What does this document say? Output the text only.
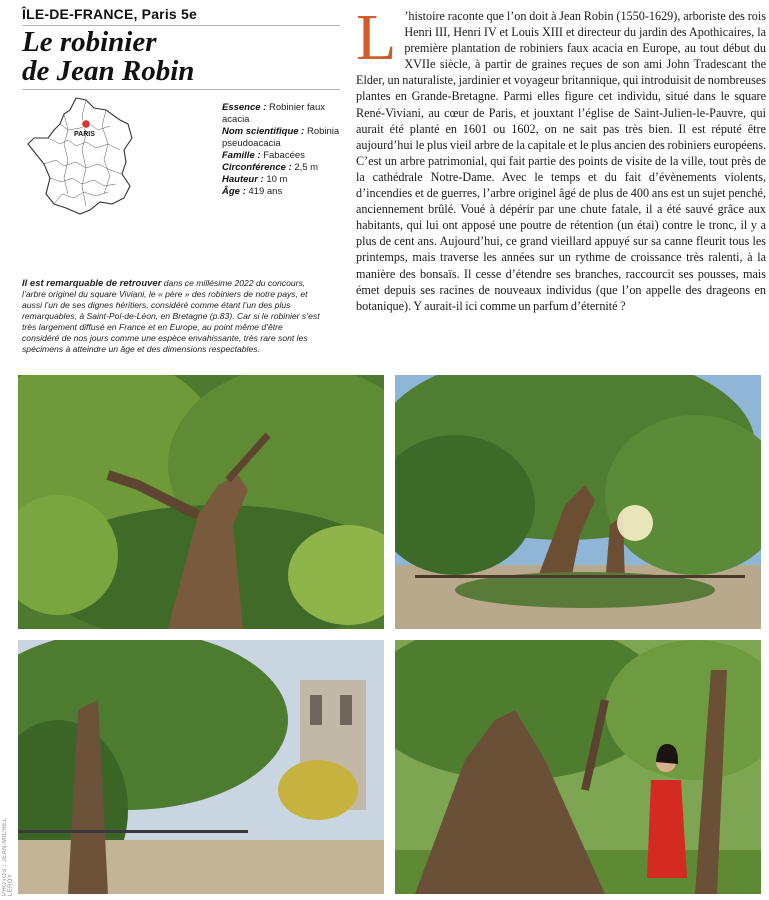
ÎLE-DE-FRANCE, Paris 5e
Le robinier
de Jean Robin
PARIS

Essence : Robinier faux acacia

Nom scientifique : Robinia pseudoacacia

Famille : Fabacées

Circonférence : 2,5 m

Hauteur : 10 m

Âge : 419 ans

Il est remarquable de retrouver dans ce millésime 2022 du concours, l’arbre originel du square Viviani, le « père » des robiniers de notre pays, et aussi l’un de ses dignes héritiers, considéré comme étant l’un des plus remarquables, à Saint-Pol-de-Léon, en Bretagne (p.83). Car si le robinier s’est très largement diffusé en France et en Europe, au point même d’être considéré de nos jours comme une espèce envahissante, très rare sont les spécimens à atteindre un âge et des dimensions respectables.

L ’histoire raconte que l’on doit à Jean Robin (1550-1629), arboriste des rois Henri III, Henri IV et Louis XIII et directeur du jardin des Apothicaires, la première plantation de robiniers faux acacia en Europe, au tout début du XVIIe siècle, à partir de graines reçues de son ami John Tradescant the Elder, un naturaliste, jardinier et voyageur britannique, qui introduisit de nombreuses plantes en Grande-Bretagne. Parmi elles figure cet individu, situé dans le square René-Viviani, au cœur de Paris, et jouxtant l’église de Saint-Julien-le-Pauvre, qui aurait été planté en 1601 ou 1602, on ne sait pas très bien. Il est réputé être aujourd’hui le plus vieil arbre de la capitale et le plus ancien des robiniers européens. C’est un arbre patrimonial, qui fait partie des points de visite de la ville, tout près de la cathédrale Notre-Dame. Avec le temps et du fait d’évènements violents, d’incendies et de guerres, l’arbre originel âgé de plus de 400 ans est un sujet penché, anciennement brûlé. Voué à dépérir par une chute fatale, il a été sauvé grâce aux habitants, qui lui ont apposé une poutre de rétention (un étai) contre le tronc, il y a plus de cent ans. Aujourd’hui, ce grand vieillard appuyé sur sa canne fleurit tous les printemps, mais traverse les années sur un rythme de croissance très ralenti, à la manière des bonsaïs. Il cesse d’étendre ses branches, raccourcit ses pousses, mais émet depuis ses racines de nouveaux individus (que l’on appelle des drageons en botanique). Y aurait-il ici comme un parfum d’éternité ?

PHOTOS : JEAN-MICHEL LEROY
